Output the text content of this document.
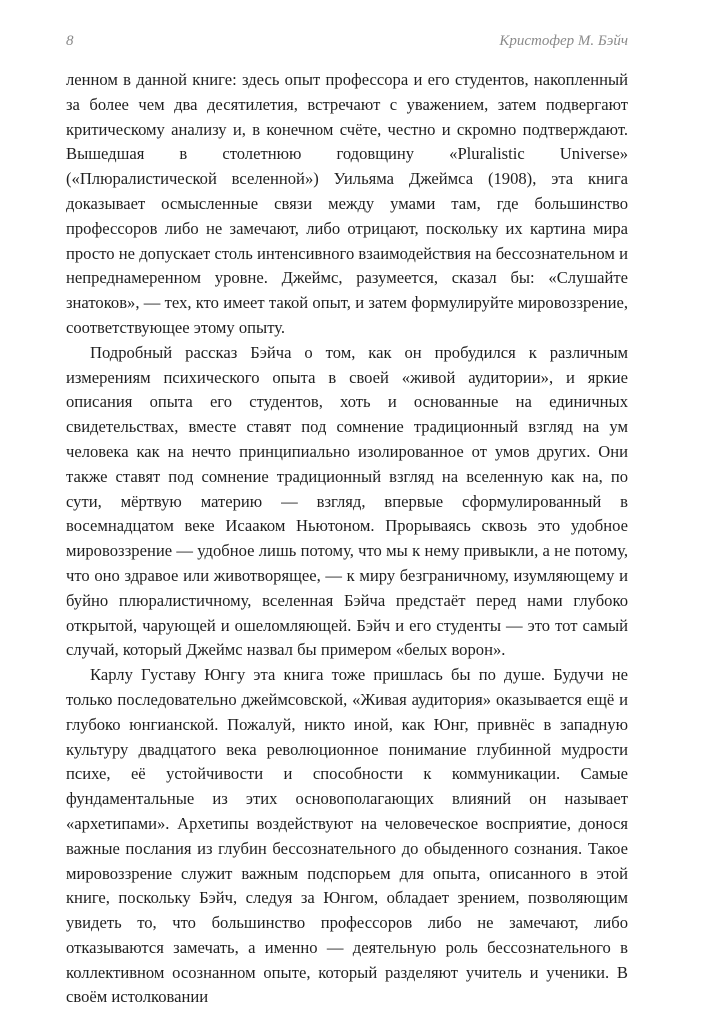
8	Кристофер М. Бэйч

ленном в данной книге: здесь опыт профессора и его студентов, накопленный за более чем два десятилетия, встречают с уважением, затем подвергают критическому анализу и, в конечном счёте, честно и скромно подтверждают. Вышедшая в столетнюю годовщину «Pluralistic Universe» («Плюралистической вселенной») Уильяма Джеймса (1908), эта книга доказывает осмысленные связи между умами там, где большинство профессоров либо не замечают, либо отрицают, поскольку их картина мира просто не допускает столь интенсивного взаимодействия на бессознательном и непреднамеренном уровне. Джеймс, разумеется, сказал бы: «Слушайте знатоков», — тех, кто имеет такой опыт, и затем формулируйте мировоззрение, соответствующее этому опыту.

Подробный рассказ Бэйча о том, как он пробудился к различным измерениям психического опыта в своей «живой аудитории», и яркие описания опыта его студентов, хоть и основанные на единичных свидетельствах, вместе ставят под сомнение традиционный взгляд на ум человека как на нечто принципиально изолированное от умов других. Они также ставят под сомнение традиционный взгляд на вселенную как на, по сути, мёртвую материю — взгляд, впервые сформулированный в восемнадцатом веке Исааком Ньютоном. Прорываясь сквозь это удобное мировоззрение — удобное лишь потому, что мы к нему привыкли, а не потому, что оно здравое или животворящее, — к миру безграничному, изумляющему и буйно плюралистичному, вселенная Бэйча предстаёт перед нами глубоко открытой, чарующей и ошеломляющей. Бэйч и его студенты — это тот самый случай, который Джеймс назвал бы примером «белых ворон».

Карлу Густаву Юнгу эта книга тоже пришлась бы по душе. Будучи не только последовательно джеймсовской, «Живая аудитория» оказывается ещё и глубоко юнгианской. Пожалуй, никто иной, как Юнг, привнёс в западную культуру двадцатого века революционное понимание глубинной мудрости психе, её устойчивости и способности к коммуникации. Самые фундаментальные из этих основополагающих влияний он называет «архетипами». Архетипы воздействуют на человеческое восприятие, донося важные послания из глубин бессознательного до обыденного сознания. Такое мировоззрение служит важным подспорьем для опыта, описанного в этой книге, поскольку Бэйч, следуя за Юнгом, обладает зрением, позволяющим увидеть то, что большинство профессоров либо не замечают, либо отказываются замечать, а именно — деятельную роль бессознательного в коллективном осознанном опыте, который разделяют учитель и ученики. В своём истолковании
